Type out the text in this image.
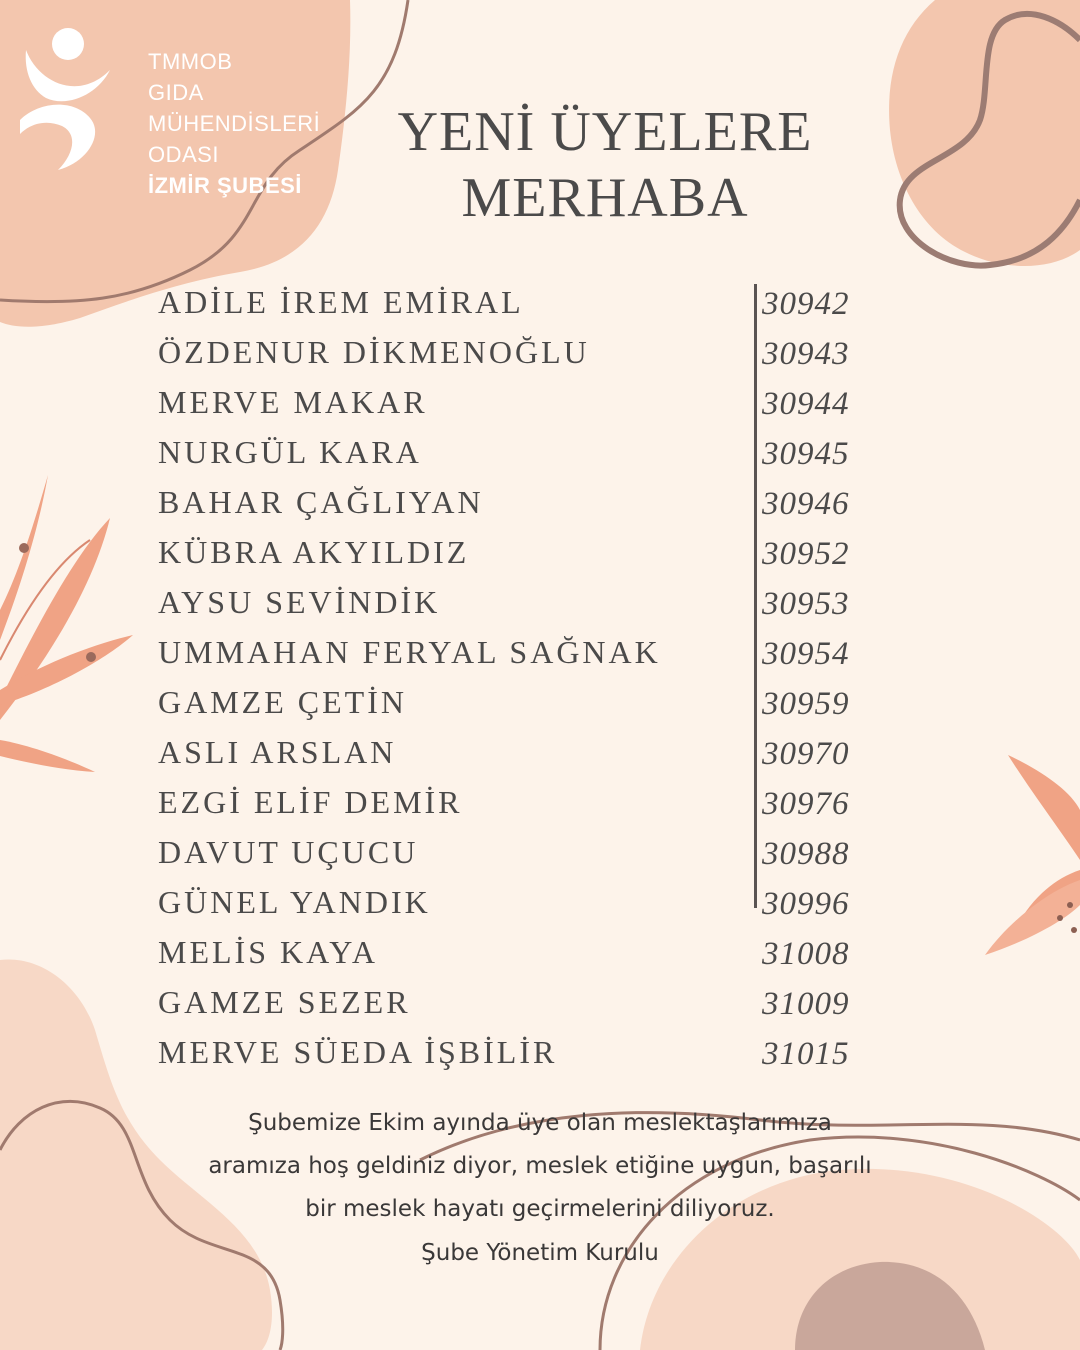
TMMOB
GIDA
MÜHENDİSLERİ
ODASI
İZMİR ŞUBESİ
YENİ ÜYELERE
MERHABA
ADİLE İREM EMİRAL	30942
ÖZDENUR DİKMENOĞLU	30943
MERVE MAKAR	30944
NURGÜL KARA	30945
BAHAR ÇAĞLIYAN	30946
KÜBRA AKYILDIZ	30952
AYSU SEVİNDİK	30953
UMMAHAN FERYAL SAĞNAK	30954
GAMZE ÇETİN	30959
ASLI ARSLAN	30970
EZGİ ELİF DEMİR	30976
DAVUT UÇUCU	30988
GÜNEL YANDIK	30996
MELİS KAYA	31008
GAMZE SEZER	31009
MERVE SÜEDA İŞBİLİR	31015
Şubemize Ekim ayında üye olan meslektaşlarımıza
aramıza hoş geldiniz diyor, meslek etiğine uygun, başarılı
bir meslek hayatı geçirmelerini diliyoruz.
Şube Yönetim Kurulu
